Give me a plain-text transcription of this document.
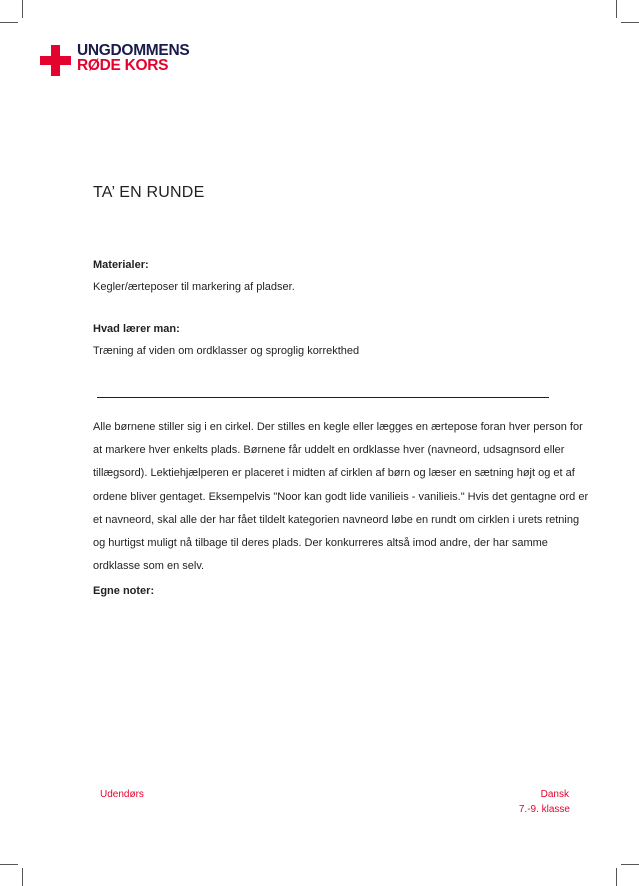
UNGDOMMENS
RØDE KORS
TA’ EN RUNDE
Materialer:
Kegler/ærteposer til markering af pladser.
Hvad lærer man:
Træning af viden om ordklasser og sproglig korrekthed
Alle børnene stiller sig i en cirkel. Der stilles en kegle eller lægges en ærtepose foran hver person for at markere hver enkelts plads. Børnene får uddelt en ordklasse hver (navneord, udsagnsord eller tillægsord). Lektiehjælperen er placeret i midten af cirklen af børn og læser en sætning højt og et af ordene bliver gentaget. Eksempelvis "Noor kan godt lide vanilieis - vanilieis." Hvis det gentagne ord er et navneord, skal alle der har fået tildelt kategorien navneord løbe en rundt om cirklen i urets retning og hurtigst muligt nå tilbage til deres plads. Der konkurreres altså imod andre, der har samme ordklasse som en selv.
Egne noter:
Udendørs	Dansk
7.-9. klasse
